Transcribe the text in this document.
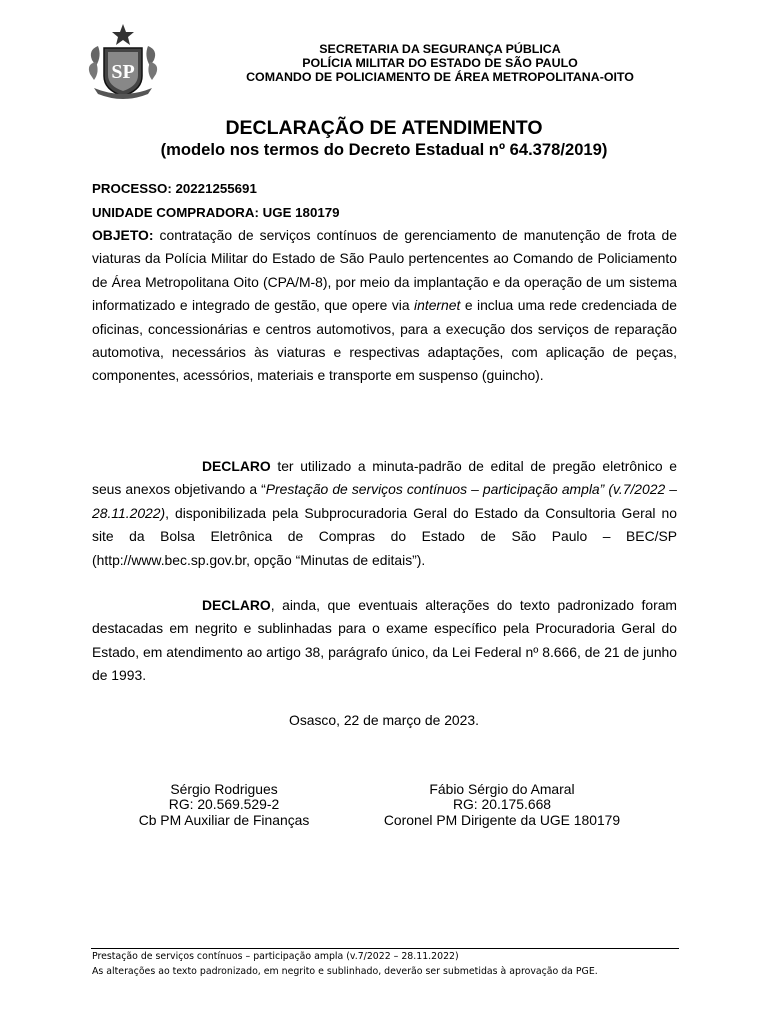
SP
SECRETARIA DA SEGURANÇA PÚBLICA
POLÍCIA MILITAR DO ESTADO DE SÃO PAULO
COMANDO DE POLICIAMENTO DE ÁREA METROPOLITANA-OITO
DECLARAÇÃO DE ATENDIMENTO
(modelo nos termos do Decreto Estadual nº 64.378/2019)
PROCESSO: 20221255691
UNIDADE COMPRADORA: UGE 180179
OBJETO: contratação de serviços contínuos de gerenciamento de manutenção de frota de viaturas da Polícia Militar do Estado de São Paulo pertencentes ao Comando de Policiamento de Área Metropolitana Oito (CPA/M-8), por meio da implantação e da operação de um sistema informatizado e integrado de gestão, que opere via internet e inclua uma rede credenciada de oficinas, concessionárias e centros automotivos, para a execução dos serviços de reparação automotiva, necessários às viaturas e respectivas adaptações, com aplicação de peças, componentes, acessórios, materiais e transporte em suspenso (guincho).
DECLARO ter utilizado a minuta-padrão de edital de pregão eletrônico e seus anexos objetivando a “Prestação de serviços contínuos – participação ampla” (v.7/2022 – 28.11.2022), disponibilizada pela Subprocuradoria Geral do Estado da Consultoria Geral no site da Bolsa Eletrônica de Compras do Estado de São Paulo – BEC/SP (http://www.bec.sp.gov.br, opção “Minutas de editais”).
DECLARO, ainda, que eventuais alterações do texto padronizado foram destacadas em negrito e sublinhadas para o exame específico pela Procuradoria Geral do Estado, em atendimento ao artigo 38, parágrafo único, da Lei Federal nº 8.666, de 21 de junho de 1993.
Osasco, 22 de março de 2023.
Sérgio Rodrigues
RG: 20.569.529-2
Cb PM Auxiliar de Finanças
Fábio Sérgio do Amaral
RG: 20.175.668
Coronel PM Dirigente da UGE 180179
Prestação de serviços contínuos – participação ampla (v.7/2022 – 28.11.2022)
As alterações ao texto padronizado, em negrito e sublinhado, deverão ser submetidas à aprovação da PGE.
